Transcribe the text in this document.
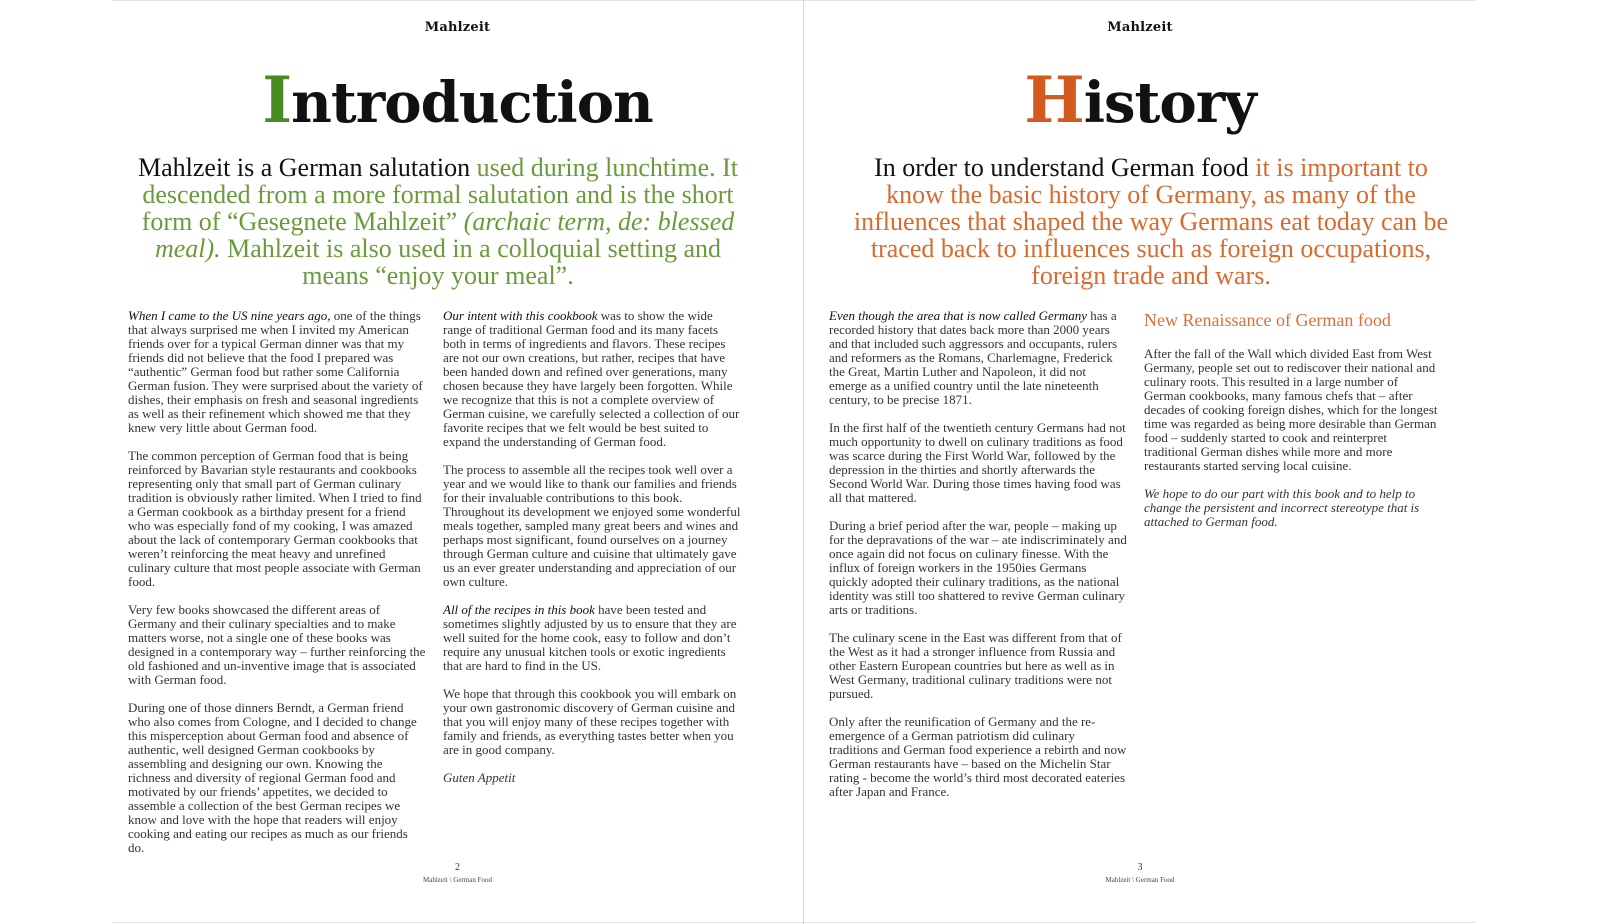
Mahlzeit
Introduction

Mahlzeit is a German salutation used during lunchtime. It descended from a more formal salutation and is the short form of “Gesegnete Mahlzeit” (archaic term, de: blessed meal). Mahlzeit is also used in a colloquial setting and means “enjoy your meal”.

When I came to the US nine years ago, one of the things that always surprised me when I invited my American friends over for a typical German dinner was that my friends did not believe that the food I prepared was “authentic” German food but rather some California German fusion. They were surprised about the variety of dishes, their emphasis on fresh and seasonal ingredients as well as their refinement which showed me that they knew very little about German food.

The common perception of German food that is being reinforced by Bavarian style restaurants and cookbooks representing only that small part of German culinary tradition is obviously rather limited. When I tried to find a German cookbook as a birthday present for a friend who was especially fond of my cooking, I was amazed about the lack of contemporary German cookbooks that weren’t reinforcing the meat heavy and unrefined culinary culture that most people associate with German food.

Very few books showcased the different areas of Germany and their culinary specialties and to make matters worse, not a single one of these books was designed in a contemporary way – further reinforcing the old fashioned and un-inventive image that is associated with German food.

During one of those dinners Berndt, a German friend who also comes from Cologne, and I decided to change this misperception about German food and absence of authentic, well designed German cookbooks by assembling and designing our own. Knowing the richness and diversity of regional German food and motivated by our friends’ appetites, we decided to assemble a collection of the best German recipes we know and love with the hope that readers will enjoy cooking and eating our recipes as much as our friends do.

Our intent with this cookbook was to show the wide range of traditional German food and its many facets both in terms of ingredients and flavors. These recipes are not our own creations, but rather, recipes that have been handed down and refined over generations, many chosen because they have largely been forgotten. While we recognize that this is not a complete overview of German cuisine, we carefully selected a collection of our favorite recipes that we felt would be best suited to expand the understanding of German food.

The process to assemble all the recipes took well over a year and we would like to thank our families and friends for their invaluable contributions to this book. Throughout its development we enjoyed some wonderful meals together, sampled many great beers and wines and perhaps most significant, found ourselves on a journey through German culture and cuisine that ultimately gave us an ever greater understanding and appreciation of our own culture.

All of the recipes in this book have been tested and sometimes slightly adjusted by us to ensure that they are well suited for the home cook, easy to follow and don’t require any unusual kitchen tools or exotic ingredients that are hard to find in the US.

We hope that through this cookbook you will embark on your own gastronomic discovery of German cuisine and that you will enjoy many of these recipes together with family and friends, as everything tastes better when you are in good company.

Guten Appetit

2
Mahlzeit \ German Food
Mahlzeit
History

In order to understand German food it is important to know the basic history of Germany, as many of the influences that shaped the way Germans eat today can be traced back to influences such as foreign occupations, foreign trade and wars.

Even though the area that is now called Germany has a recorded history that dates back more than 2000 years and that included such aggressors and occupants, rulers and reformers as the Romans, Charlemagne, Frederick the Great, Martin Luther and Napoleon, it did not emerge as a unified country until the late nineteenth century, to be precise 1871.

In the first half of the twentieth century Germans had not much opportunity to dwell on culinary traditions as food was scarce during the First World War, followed by the depression in the thirties and shortly afterwards the Second World War. During those times having food was all that mattered.

During a brief period after the war, people – making up for the depravations of the war – ate indiscriminately and once again did not focus on culinary finesse. With the influx of foreign workers in the 1950ies Germans quickly adopted their culinary traditions, as the national identity was still too shattered to revive German culinary arts or traditions.

The culinary scene in the East was different from that of the West as it had a stronger influence from Russia and other Eastern European countries but here as well as in West Germany, traditional culinary traditions were not pursued.

Only after the reunification of Germany and the re-emergence of a German patriotism did culinary traditions and German food experience a rebirth and now German restaurants have – based on the Michelin Star rating - become the world’s third most decorated eateries after Japan and France.

New Renaissance of German food

After the fall of the Wall which divided East from West Germany, people set out to rediscover their national and culinary roots. This resulted in a large number of German cookbooks, many famous chefs that – after decades of cooking foreign dishes, which for the longest time was regarded as being more desirable than German food – suddenly started to cook and reinterpret traditional German dishes while more and more restaurants started serving local cuisine.

We hope to do our part with this book and to help to change the persistent and incorrect stereotype that is attached to German food.

3
Mahlzeit \ German Food
